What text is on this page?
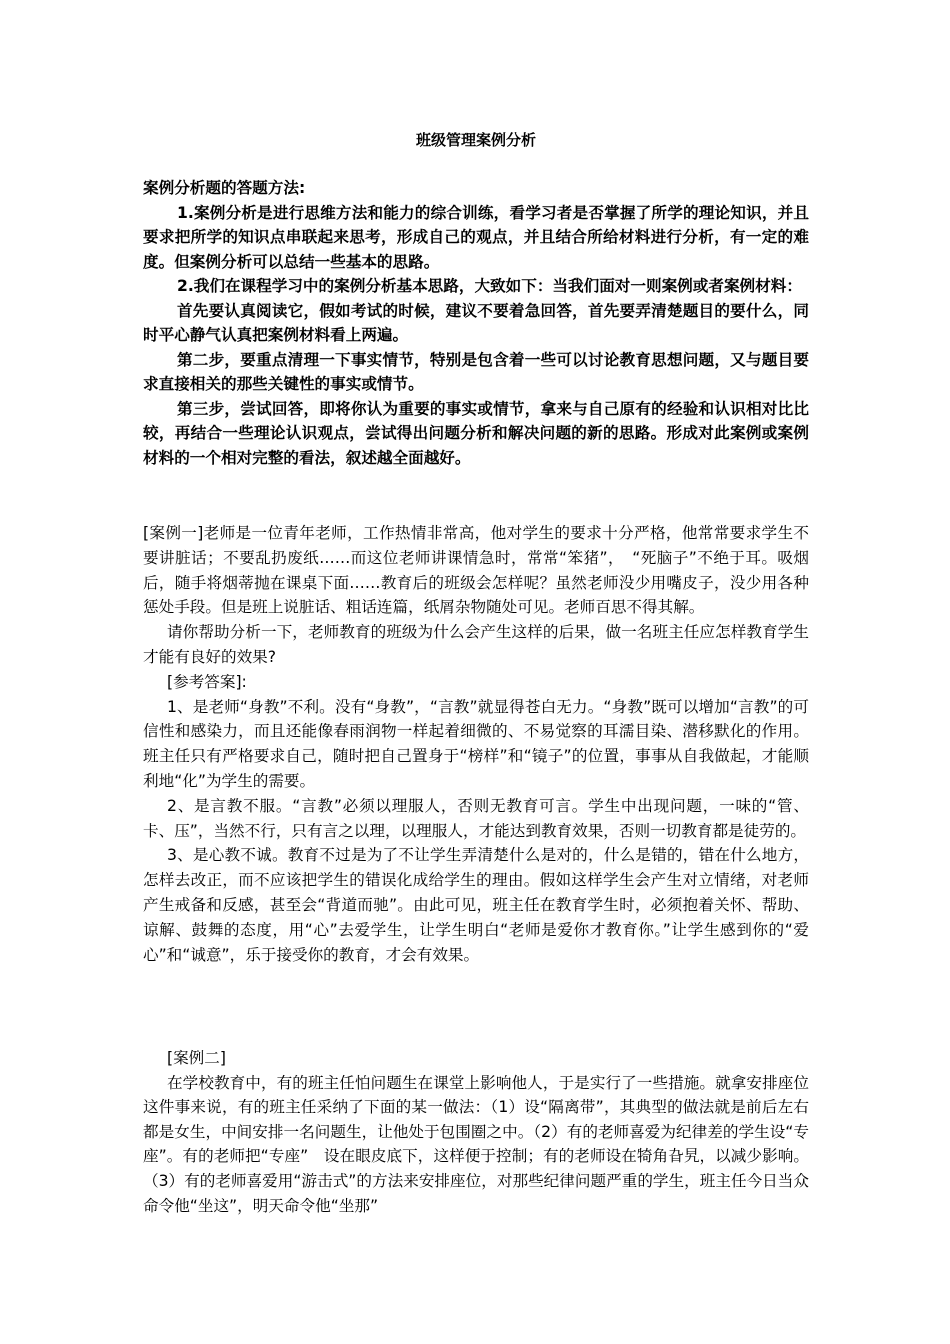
班级管理案例分析

案例分析题的答题方法:

1.案例分析是进行思维方法和能力的综合训练，看学习者是否掌握了所学的理论知识，并且要求把所学的知识点串联起来思考，形成自己的观点，并且结合所给材料进行分析，有一定的难度。但案例分析可以总结一些基本的思路。

2.我们在课程学习中的案例分析基本思路，大致如下：当我们面对一则案例或者案例材料：

首先要认真阅读它，假如考试的时候，建议不要着急回答，首先要弄清楚题目的要什么，同时平心静气认真把案例材料看上两遍。

第二步，要重点清理一下事实情节，特别是包含着一些可以讨论教育思想问题，又与题目要求直接相关的那些关键性的事实或情节。

第三步，尝试回答，即将你认为重要的事实或情节，拿来与自己原有的经验和认识相对比比较，再结合一些理论认识观点，尝试得出问题分析和解决问题的新的思路。形成对此案例或案例材料的一个相对完整的看法，叙述越全面越好。

[案例一]老师是一位青年老师，工作热情非常高，他对学生的要求十分严格，他常常要求学生不要讲脏话；不要乱扔废纸……而这位老师讲课情急时，常常“笨猪”，　“死脑子”不绝于耳。吸烟后，随手将烟蒂抛在课桌下面……教育后的班级会怎样呢？虽然老师没少用嘴皮子，没少用各种惩处手段。但是班上说脏话、粗话连篇，纸屑杂物随处可见。老师百思不得其解。

请你帮助分析一下，老师教育的班级为什么会产生这样的后果，做一名班主任应怎样教育学生才能有良好的效果?

[参考答案]:

1、是老师“身教”不利。没有“身教”，“言教”就显得苍白无力。“身教”既可以增加“言教”的可信性和感染力，而且还能像春雨润物一样起着细微的、不易觉察的耳濡目染、潜移默化的作用。班主任只有严格要求自己，随时把自己置身于“榜样”和“镜子”的位置，事事从自我做起，才能顺利地“化”为学生的需要。

2、是言教不服。“言教”必须以理服人，否则无教育可言。学生中出现问题，一味的“管、卡、压”，当然不行，只有言之以理，以理服人，才能达到教育效果，否则一切教育都是徒劳的。

3、是心教不诚。教育不过是为了不让学生弄清楚什么是对的，什么是错的，错在什么地方，怎样去改正，而不应该把学生的错误化成给学生的理由。假如这样学生会产生对立情绪，对老师产生戒备和反感，甚至会“背道而驰”。由此可见，班主任在教育学生时，必须抱着关怀、帮助、谅解、鼓舞的态度，用“心”去爱学生，让学生明白“老师是爱你才教育你。”让学生感到你的“爱心”和“诚意”，乐于接受你的教育，才会有效果。

[案例二]

在学校教育中，有的班主任怕问题生在课堂上影响他人，于是实行了一些措施。就拿安排座位这件事来说，有的班主任采纳了下面的某一做法：（1）设“隔离带”，其典型的做法就是前后左右都是女生，中间安排一名问题生，让他处于包围圈之中。（2）有的老师喜爱为纪律差的学生设“专座”。有的老师把“专座”　设在眼皮底下，这样便于控制；有的老师设在犄角旮旯，以减少影响。（3）有的老师喜爱用“游击式”的方法来安排座位，对那些纪律问题严重的学生，班主任今日当众命令他“坐这”，明天命令他“坐那”
